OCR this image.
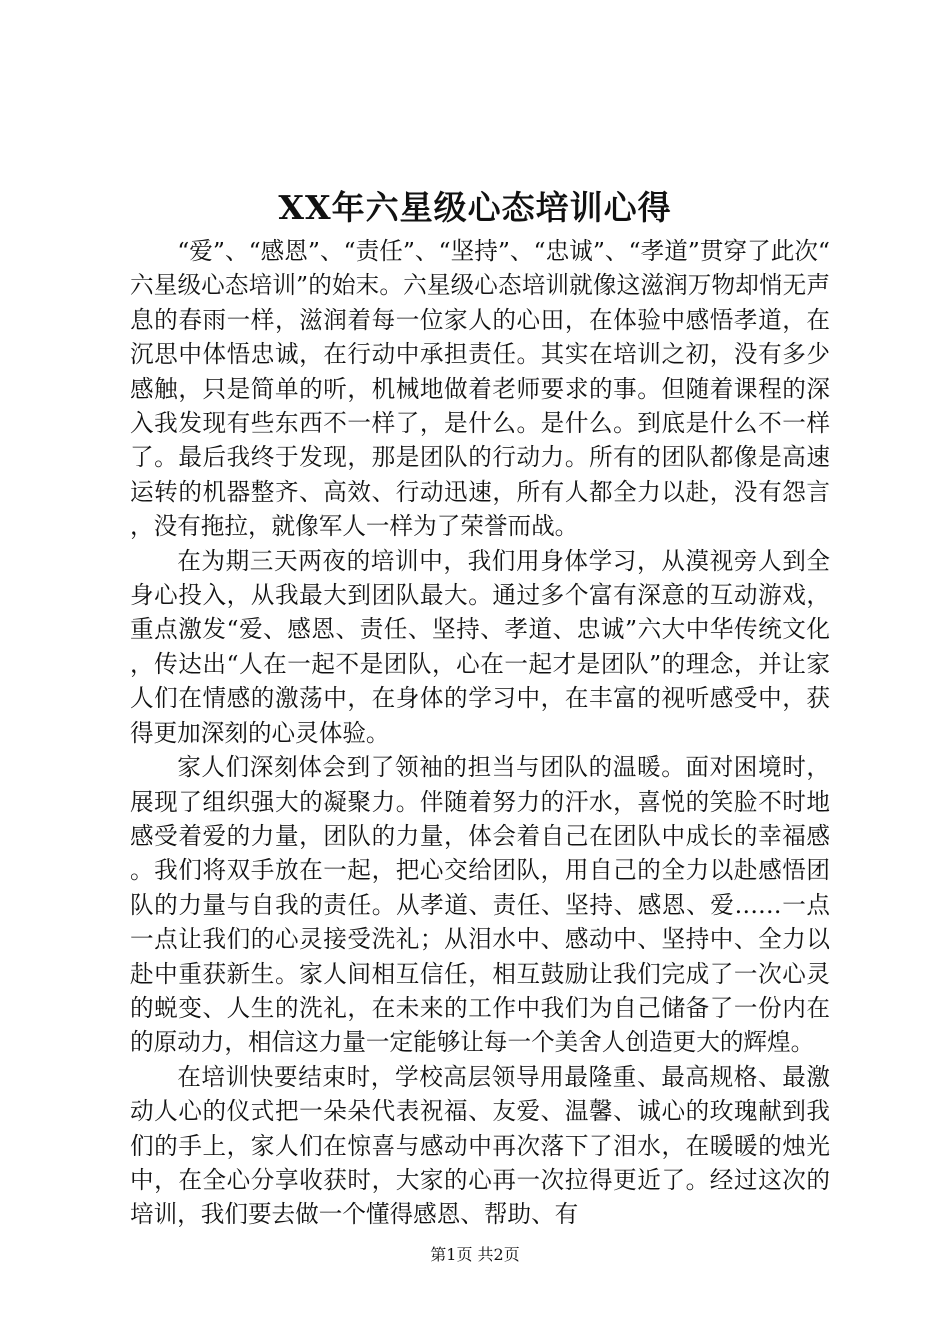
XX年六星级心态培训心得

“爱”、“感恩”、“责任”、“坚持”、“忠诚”、“孝道”贯穿了此次“六星级心态培训”的始末。六星级心态培训就像这滋润万物却悄无声息的春雨一样，滋润着每一位家人的心田，在体验中感悟孝道，在沉思中体悟忠诚，在行动中承担责任。其实在培训之初，没有多少感触，只是简单的听，机械地做着老师要求的事。但随着课程的深入我发现有些东西不一样了，是什么。是什么。到底是什么不一样了。最后我终于发现，那是团队的行动力。所有的团队都像是高速运转的机器整齐、高效、行动迅速，所有人都全力以赴，没有怨言，没有拖拉，就像军人一样为了荣誉而战。

在为期三天两夜的培训中，我们用身体学习，从漠视旁人到全身心投入，从我最大到团队最大。通过多个富有深意的互动游戏，重点激发“爱、感恩、责任、坚持、孝道、忠诚”六大中华传统文化，传达出“人在一起不是团队，心在一起才是团队”的理念，并让家人们在情感的激荡中，在身体的学习中，在丰富的视听感受中，获得更加深刻的心灵体验。

家人们深刻体会到了领袖的担当与团队的温暖。面对困境时，展现了组织强大的凝聚力。伴随着努力的汗水，喜悦的笑脸不时地感受着爱的力量，团队的力量，体会着自己在团队中成长的幸福感。我们将双手放在一起，把心交给团队，用自己的全力以赴感悟团队的力量与自我的责任。从孝道、责任、坚持、感恩、爱……一点一点让我们的心灵接受洗礼；从泪水中、感动中、坚持中、全力以赴中重获新生。家人间相互信任，相互鼓励让我们完成了一次心灵的蜕变、人生的洗礼，在未来的工作中我们为自己储备了一份内在的原动力，相信这力量一定能够让每一个美舍人创造更大的辉煌。

在培训快要结束时，学校高层领导用最隆重、最高规格、最激动人心的仪式把一朵朵代表祝福、友爱、温馨、诚心的玫瑰献到我们的手上，家人们在惊喜与感动中再次落下了泪水，在暖暖的烛光中，在全心分享收获时，大家的心再一次拉得更近了。经过这次的培训，我们要去做一个懂得感恩、帮助、有

第1页 共2页
